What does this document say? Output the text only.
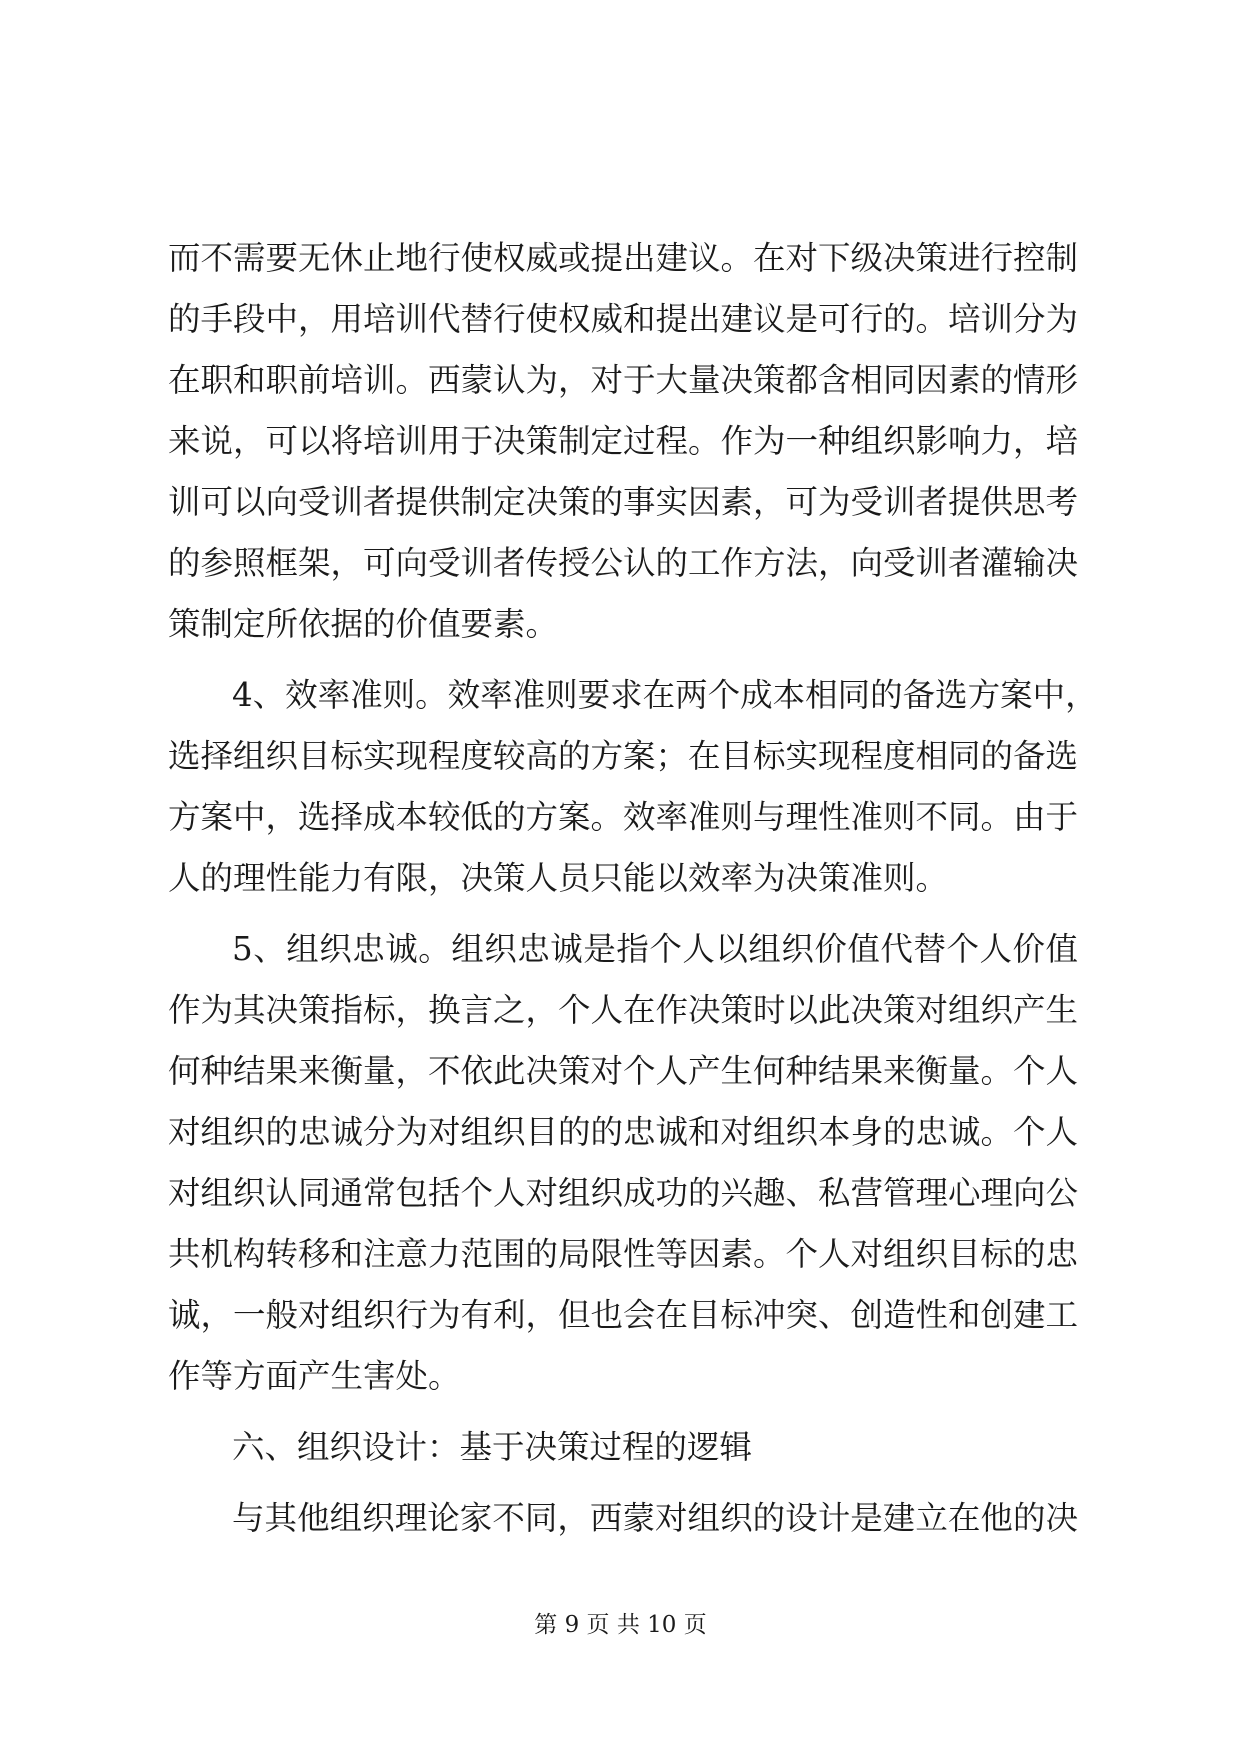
而不需要无休止地行使权威或提出建议。在对下级决策进行控制
的手段中，用培训代替行使权威和提出建议是可行的。培训分为
在职和职前培训。西蒙认为，对于大量决策都含相同因素的情形
来说，可以将培训用于决策制定过程。作为一种组织影响力，培
训可以向受训者提供制定决策的事实因素，可为受训者提供思考
的参照框架，可向受训者传授公认的工作方法，向受训者灌输决
策制定所依据的价值要素。
4、效率准则。效率准则要求在两个成本相同的备选方案中，
选择组织目标实现程度较高的方案；在目标实现程度相同的备选
方案中，选择成本较低的方案。效率准则与理性准则不同。由于
人的理性能力有限，决策人员只能以效率为决策准则。
5、组织忠诚。组织忠诚是指个人以组织价值代替个人价值
作为其决策指标，换言之，个人在作决策时以此决策对组织产生
何种结果来衡量，不依此决策对个人产生何种结果来衡量。个人
对组织的忠诚分为对组织目的的忠诚和对组织本身的忠诚。个人
对组织认同通常包括个人对组织成功的兴趣、私营管理心理向公
共机构转移和注意力范围的局限性等因素。个人对组织目标的忠
诚，一般对组织行为有利，但也会在目标冲突、创造性和创建工
作等方面产生害处。
六、组织设计：基于决策过程的逻辑
与其他组织理论家不同，西蒙对组织的设计是建立在他的决
第 9 页 共 10 页
